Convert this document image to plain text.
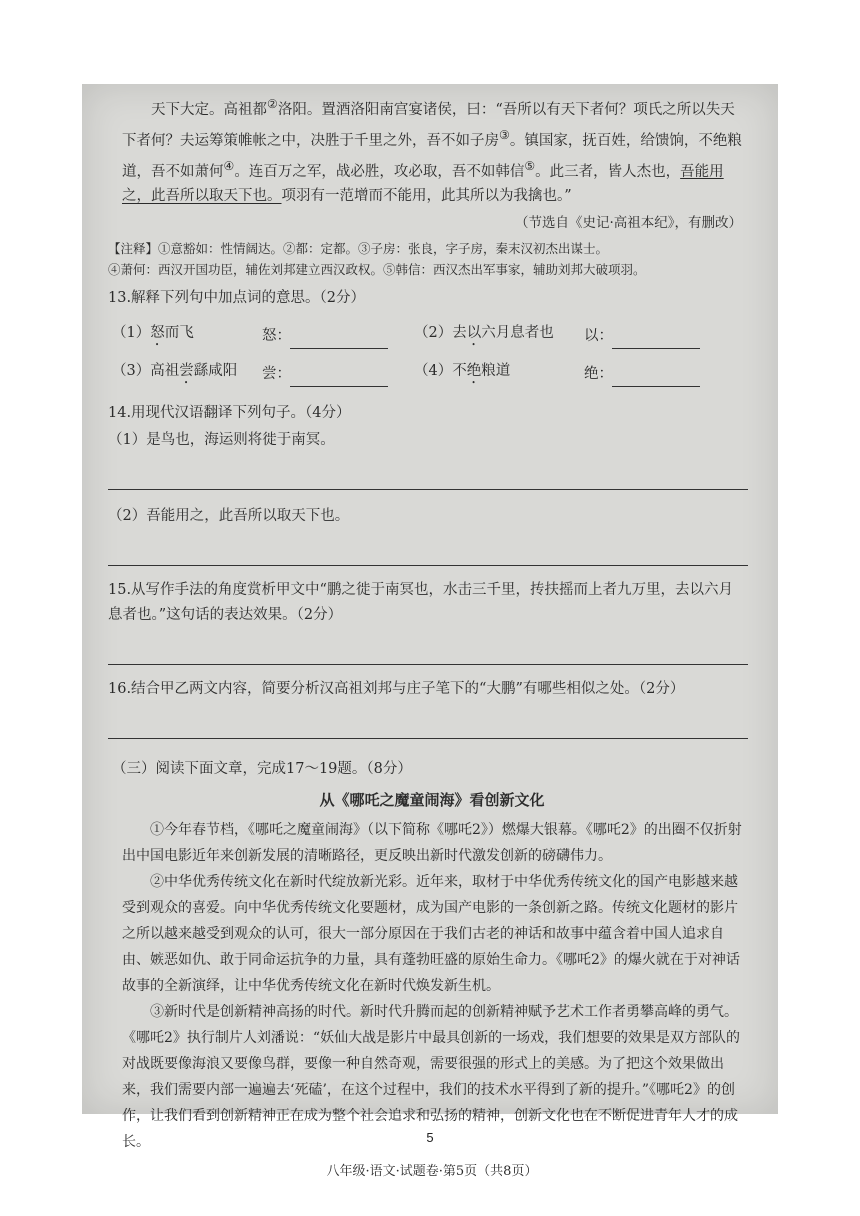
天下大定。高祖都②洛阳。置酒洛阳南宫宴诸侯，曰：“吾所以有天下者何？项氏之所以失天下者何？夫运筹策帷帐之中，决胜于千里之外，吾不如子房③。镇国家，抚百姓，给馈饷，不绝粮道，吾不如萧何④。连百万之军，战必胜，攻必取，吾不如韩信⑤。此三者，皆人杰也，吾能用之，此吾所以取天下也。项羽有一范增而不能用，此其所以为我擒也。”

（节选自《史记·高祖本纪》，有删改）

【注释】①意豁如：性情阔达。②都：定都。③子房：张良，字子房，秦末汉初杰出谋士。
④萧何：西汉开国功臣，辅佐刘邦建立西汉政权。⑤韩信：西汉杰出军事家，辅助刘邦大破项羽。
13.解释下列句中加点词的意思。（2分）
（1）怒而飞	怒：	（2）去以六月息者也	以：
（3）高祖尝繇咸阳	尝：	（4）不绝粮道	绝：
14.用现代汉语翻译下列句子。（4分）
（1）是鸟也，海运则将徙于南冥。
（2）吾能用之，此吾所以取天下也。
15.从写作手法的角度赏析甲文中“鹏之徙于南冥也，水击三千里，抟扶摇而上者九万里，去以六月息者也。”这句话的表达效果。（2分）
16.结合甲乙两文内容，简要分析汉高祖刘邦与庄子笔下的“大鹏”有哪些相似之处。（2分）
（三）阅读下面文章，完成17～19题。（8分）
从《哪吒之魔童闹海》看创新文化

①今年春节档，《哪吒之魔童闹海》（以下简称《哪吒2》）燃爆大银幕。《哪吒2》的出圈不仅折射出中国电影近年来创新发展的清晰路径，更反映出新时代激发创新的磅礴伟力。

②中华优秀传统文化在新时代绽放新光彩。近年来，取材于中华优秀传统文化的国产电影越来越受到观众的喜爱。向中华优秀传统文化要题材，成为国产电影的一条创新之路。传统文化题材的影片之所以越来越受到观众的认可，很大一部分原因在于我们古老的神话和故事中蕴含着中国人追求自由、嫉恶如仇、敢于同命运抗争的力量，具有蓬勃旺盛的原始生命力。《哪吒2》的爆火就在于对神话故事的全新演绎，让中华优秀传统文化在新时代焕发新生机。

③新时代是创新精神高扬的时代。新时代升腾而起的创新精神赋予艺术工作者勇攀高峰的勇气。《哪吒2》执行制片人刘潘说：“妖仙大战是影片中最具创新的一场戏，我们想要的效果是双方部队的对战既要像海浪又要像鸟群，要像一种自然奇观，需要很强的形式上的美感。为了把这个效果做出来，我们需要内部一遍遍去‘死磕’，在这个过程中，我们的技术水平得到了新的提升。”《哪吒2》的创作，让我们看到创新精神正在成为整个社会追求和弘扬的精神，创新文化也在不断促进青年人才的成长。

八年级·语文·试题卷·第5页（共8页）
5
